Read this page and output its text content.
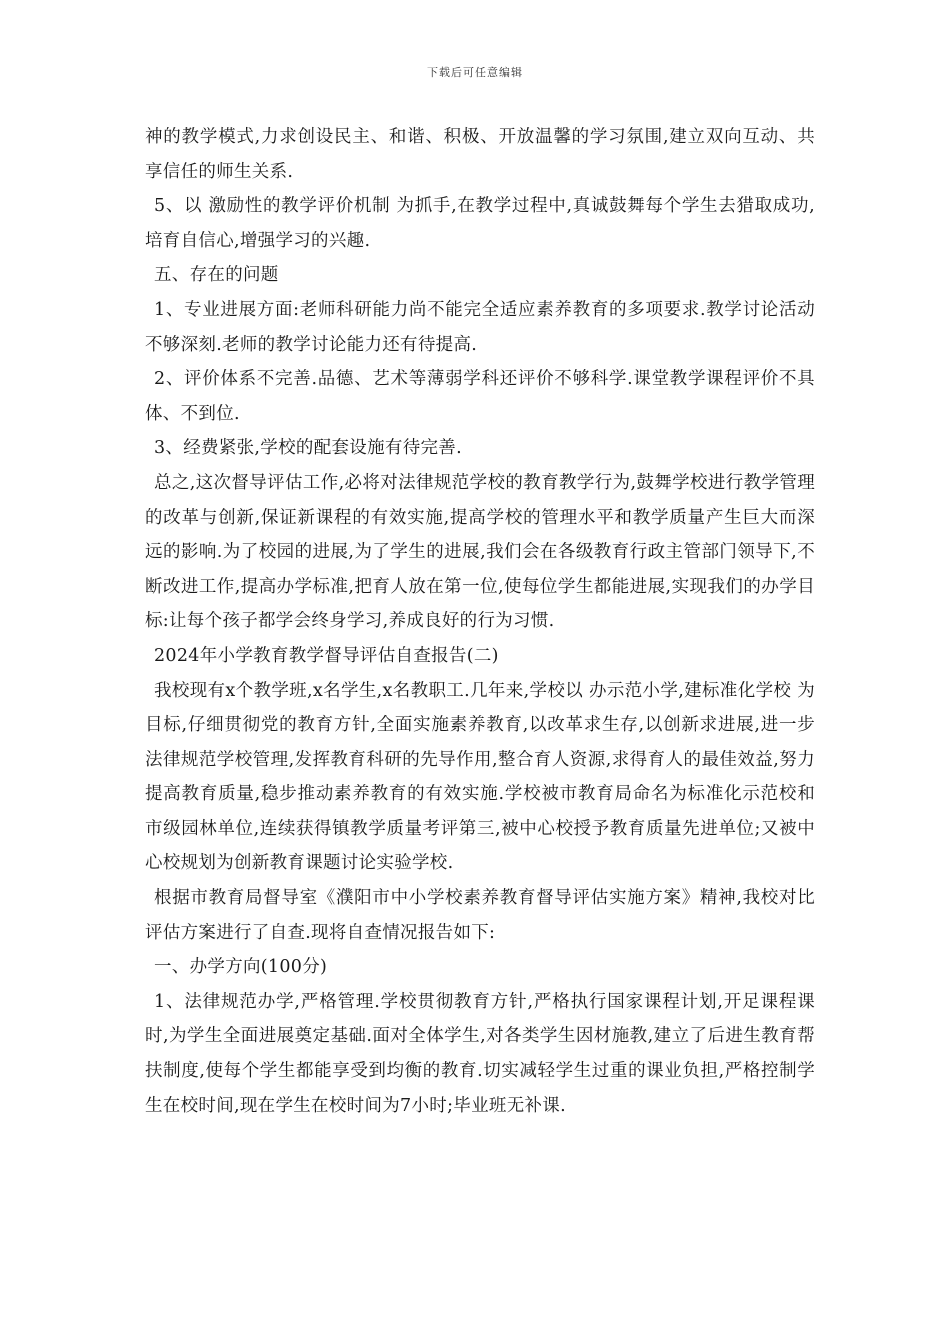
下载后可任意编辑

神的教学模式,力求创设民主、和谐、积极、开放温馨的学习氛围,建立双向互动、共享信任的师生关系.

5、以 激励性的教学评价机制 为抓手,在教学过程中,真诚鼓舞每个学生去猎取成功,培育自信心,增强学习的兴趣.

五、存在的问题

1、专业进展方面:老师科研能力尚不能完全适应素养教育的多项要求.教学讨论活动不够深刻.老师的教学讨论能力还有待提高.

2、评价体系不完善.品德、艺术等薄弱学科还评价不够科学.课堂教学课程评价不具体、不到位.

3、经费紧张,学校的配套设施有待完善.

总之,这次督导评估工作,必将对法律规范学校的教育教学行为,鼓舞学校进行教学管理的改革与创新,保证新课程的有效实施,提高学校的管理水平和教学质量产生巨大而深远的影响.为了校园的进展,为了学生的进展,我们会在各级教育行政主管部门领导下,不断改进工作,提高办学标准,把育人放在第一位,使每位学生都能进展,实现我们的办学目标:让每个孩子都学会终身学习,养成良好的行为习惯.

2024年小学教育教学督导评估自查报告(二)

我校现有x个教学班,x名学生,x名教职工.几年来,学校以 办示范小学,建标准化学校 为目标,仔细贯彻党的教育方针,全面实施素养教育,以改革求生存,以创新求进展,进一步法律规范学校管理,发挥教育科研的先导作用,整合育人资源,求得育人的最佳效益,努力提高教育质量,稳步推动素养教育的有效实施.学校被市教育局命名为标准化示范校和市级园林单位,连续获得镇教学质量考评第三,被中心校授予教育质量先进单位;又被中心校规划为创新教育课题讨论实验学校.

根据市教育局督导室《濮阳市中小学校素养教育督导评估实施方案》精神,我校对比评估方案进行了自查.现将自查情况报告如下:

一、办学方向(100分)

1、法律规范办学,严格管理.学校贯彻教育方针,严格执行国家课程计划,开足课程课时,为学生全面进展奠定基础.面对全体学生,对各类学生因材施教,建立了后进生教育帮扶制度,使每个学生都能享受到均衡的教育.切实减轻学生过重的课业负担,严格控制学生在校时间,现在学生在校时间为7小时;毕业班无补课.
